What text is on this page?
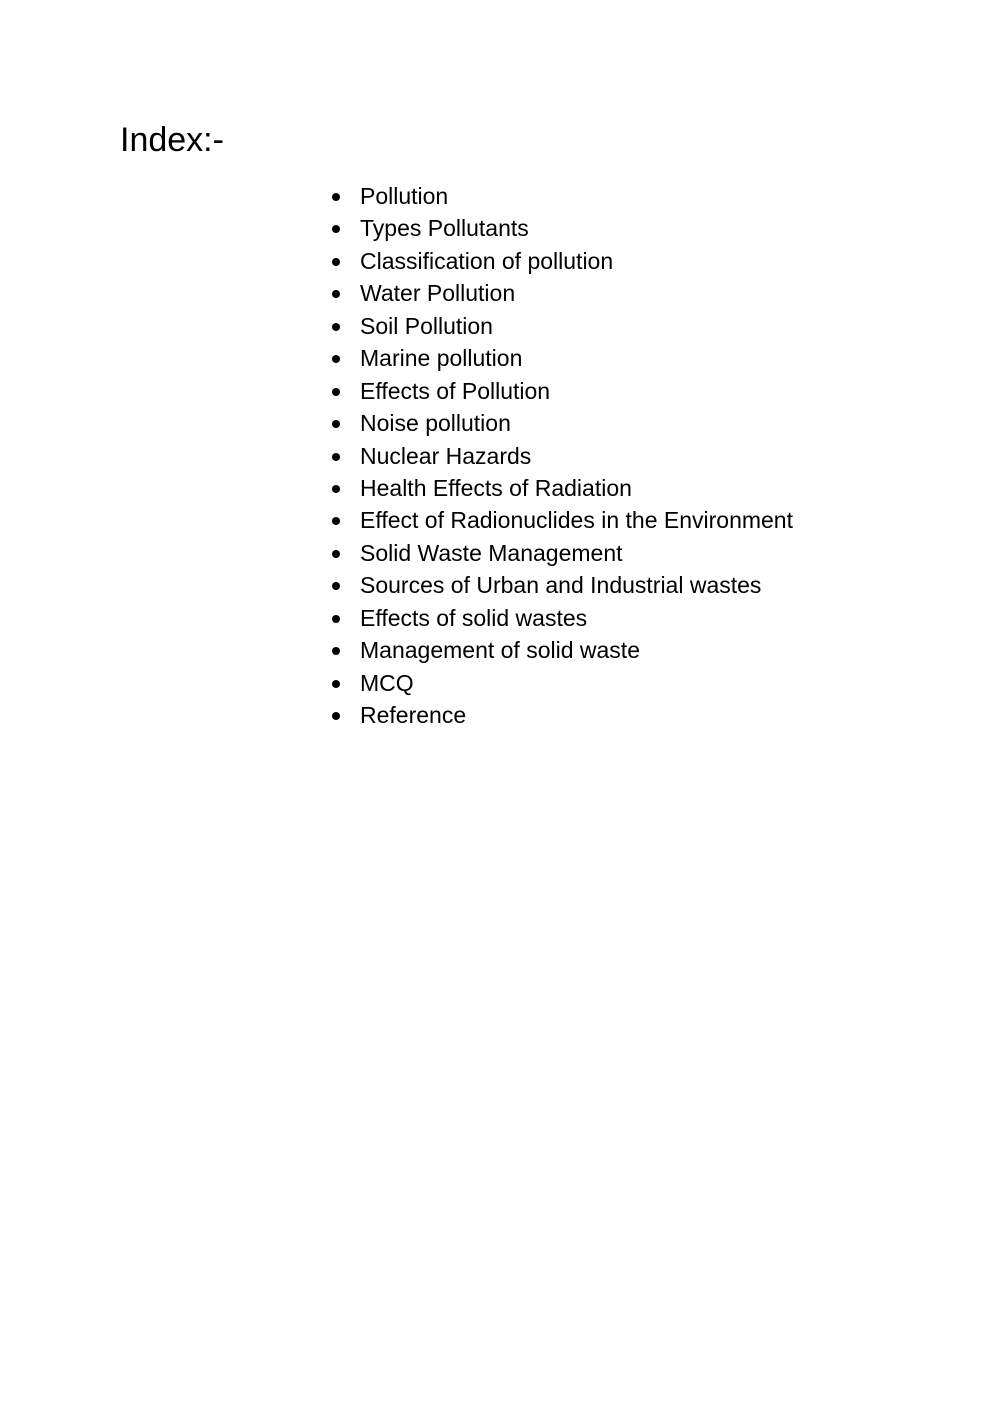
Index:-
Pollution
Types Pollutants
Classification of pollution
Water Pollution
Soil Pollution
Marine pollution
Effects of Pollution
Noise pollution
Nuclear Hazards
Health Effects of Radiation
Effect of Radionuclides in the Environment
Solid Waste Management
Sources of Urban and Industrial wastes
Effects of solid wastes
Management of solid waste
MCQ
Reference
